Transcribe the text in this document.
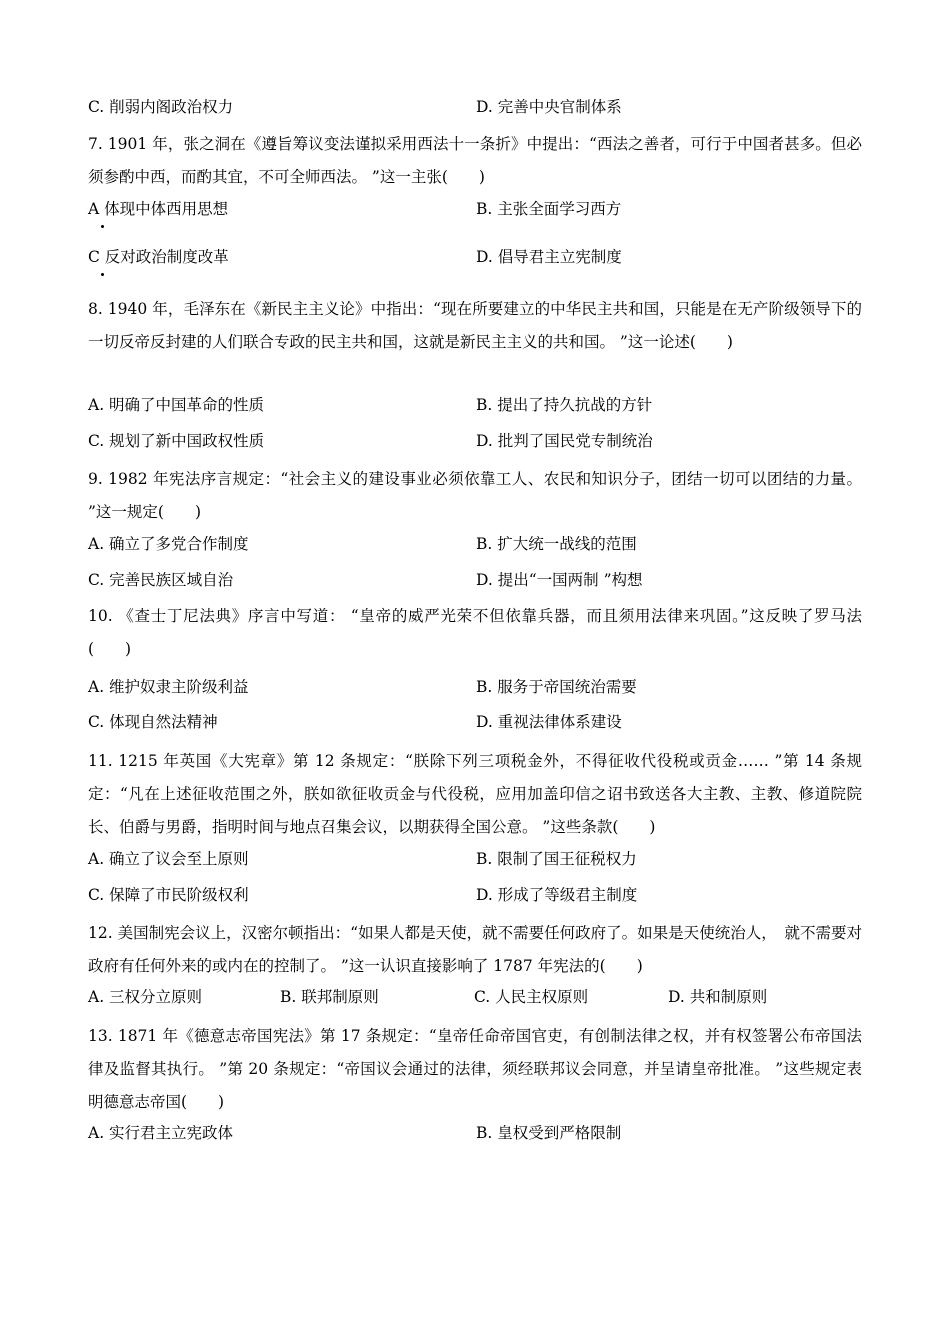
C. 削弱内阁政治权力	D. 完善中央官制体系
7. 1901 年，张之洞在《遵旨筹议变法谨拟采用西法十一条折》中提出：“西法之善者，可行于中国者甚多。但必须参酌中西，而酌其宜，不可全师西法。 ”这一主张(　　)
A 体现中体西用思想	B. 主张全面学习西方
C 反对政治制度改革	D. 倡导君主立宪制度
8. 1940 年，毛泽东在《新民主主义论》中指出：“现在所要建立的中华民主共和国，只能是在无产阶级领导下的一切反帝反封建的人们联合专政的民主共和国，这就是新民主主义的共和国。 ”这一论述(　　)
A. 明确了中国革命的性质	B. 提出了持久抗战的方针
C. 规划了新中国政权性质	D. 批判了国民党专制统治
9. 1982 年宪法序言规定：“社会主义的建设事业必须依靠工人、农民和知识分子，团结一切可以团结的力量。 ”这一规定(　　)
A. 确立了多党合作制度	B. 扩大统一战线的范围
C. 完善民族区域自治	D. 提出“一国两制 ”构想
10. 《查士丁尼法典》序言中写道： “皇帝的威严光荣不但依靠兵器，而且须用法律来巩固。”这反映了罗马法(　　)
A. 维护奴隶主阶级利益	B. 服务于帝国统治需要
C. 体现自然法精神	D. 重视法律体系建设
11. 1215 年英国《大宪章》第 12 条规定：“朕除下列三项税金外，不得征收代役税或贡金…… ”第 14 条规定：“凡在上述征收范围之外，朕如欲征收贡金与代役税，应用加盖印信之诏书致送各大主教、主教、修道院院长、伯爵与男爵，指明时间与地点召集会议，以期获得全国公意。 ”这些条款(　　)
A. 确立了议会至上原则	B. 限制了国王征税权力
C. 保障了市民阶级权利	D. 形成了等级君主制度
12. 美国制宪会议上，汉密尔顿指出：“如果人都是天使，就不需要任何政府了。如果是天使统治人，　就不需要对政府有任何外来的或内在的控制了。 ”这一认识直接影响了 1787 年宪法的(　　)
A. 三权分立原则	B. 联邦制原则	C. 人民主权原则	D. 共和制原则
13. 1871 年《德意志帝国宪法》第 17 条规定：“皇帝任命帝国官吏，有创制法律之权，并有权签署公布帝国法律及监督其执行。 ”第 20 条规定：“帝国议会通过的法律，须经联邦议会同意，并呈请皇帝批准。 ”这些规定表明德意志帝国(　　)
A. 实行君主立宪政体	B. 皇权受到严格限制
